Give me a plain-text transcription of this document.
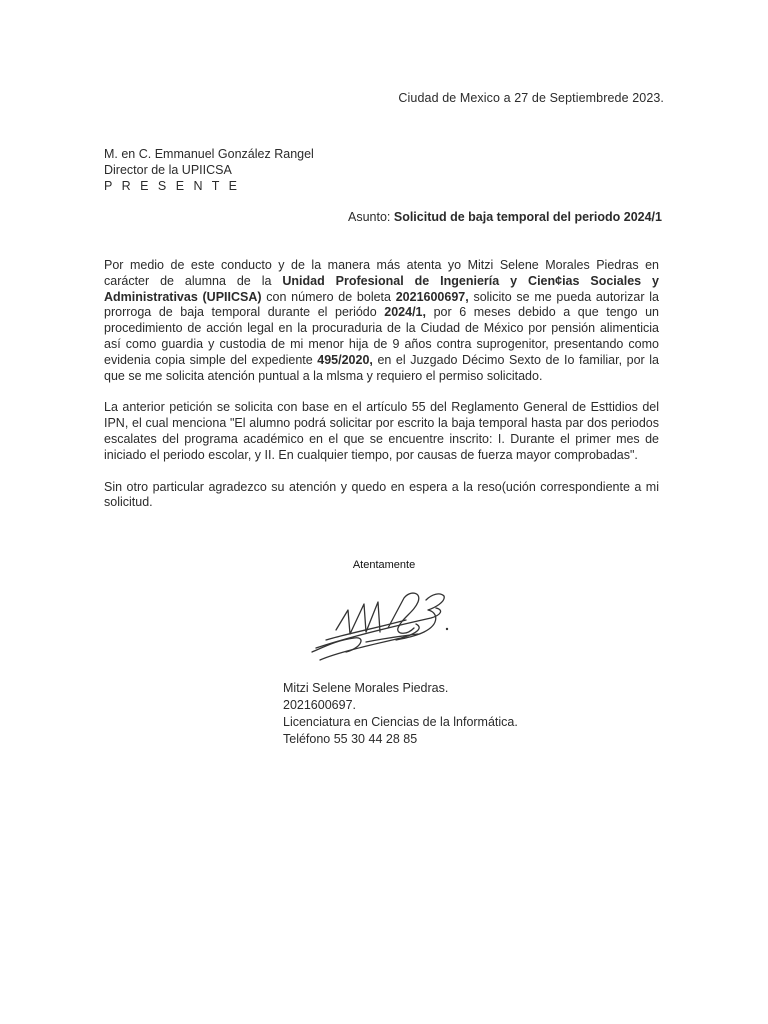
Ciudad de Mexico a 27 de Septiembrede 2023.
M. en C. Emmanuel González Rangel
Director de la UPIICSA
P R E S E N T E
Asunto: Solicitud de baja temporal del periodo 2024/1

Por medio de este conducto y de la manera más atenta yo Mitzi Selene Morales Piedras en carácter de alumna de la Unidad Profesional de Ingeniería y Cien¢ias Sociales y Administrativas (UPIICSA) con número de boleta 2021600697, solicito se me pueda autorizar la prorroga de baja temporal durante el periódo 2024/1, por 6 meses debido a que tengo un procedimiento de acción legal en la procuraduria de la Ciudad de México por pensión alimenticia así como guardia y custodia de mi menor hija de 9 años contra suprogenitor, presentando como evidenia copia simple del expediente 495/2020, en el Juzgado Décimo Sexto de Io familiar, por la que se me solicita atención puntual a la mlsma y requiero el permiso solicitado.

La anterior petición se solicita con base en el artículo 55 del Reglamento General de Esttidios del IPN, el cual menciona "El alumno podrá solicitar por escrito la baja temporal hasta par dos periodos escalates del programa académico en el que se encuentre inscrito: I. Durante el primer mes de iniciado el periodo escolar, y II. En cualquier tiempo, por causas de fuerza mayor comprobadas".

Sin otro particular agradezco su atención y quedo en espera a la reso(ución correspondiente a mi solicitud.

Atentamente
Mitzi Selene Morales Piedras.
2021600697.
Licenciatura en Ciencias de la lnformática.
Teléfono 55 30 44 28 85
